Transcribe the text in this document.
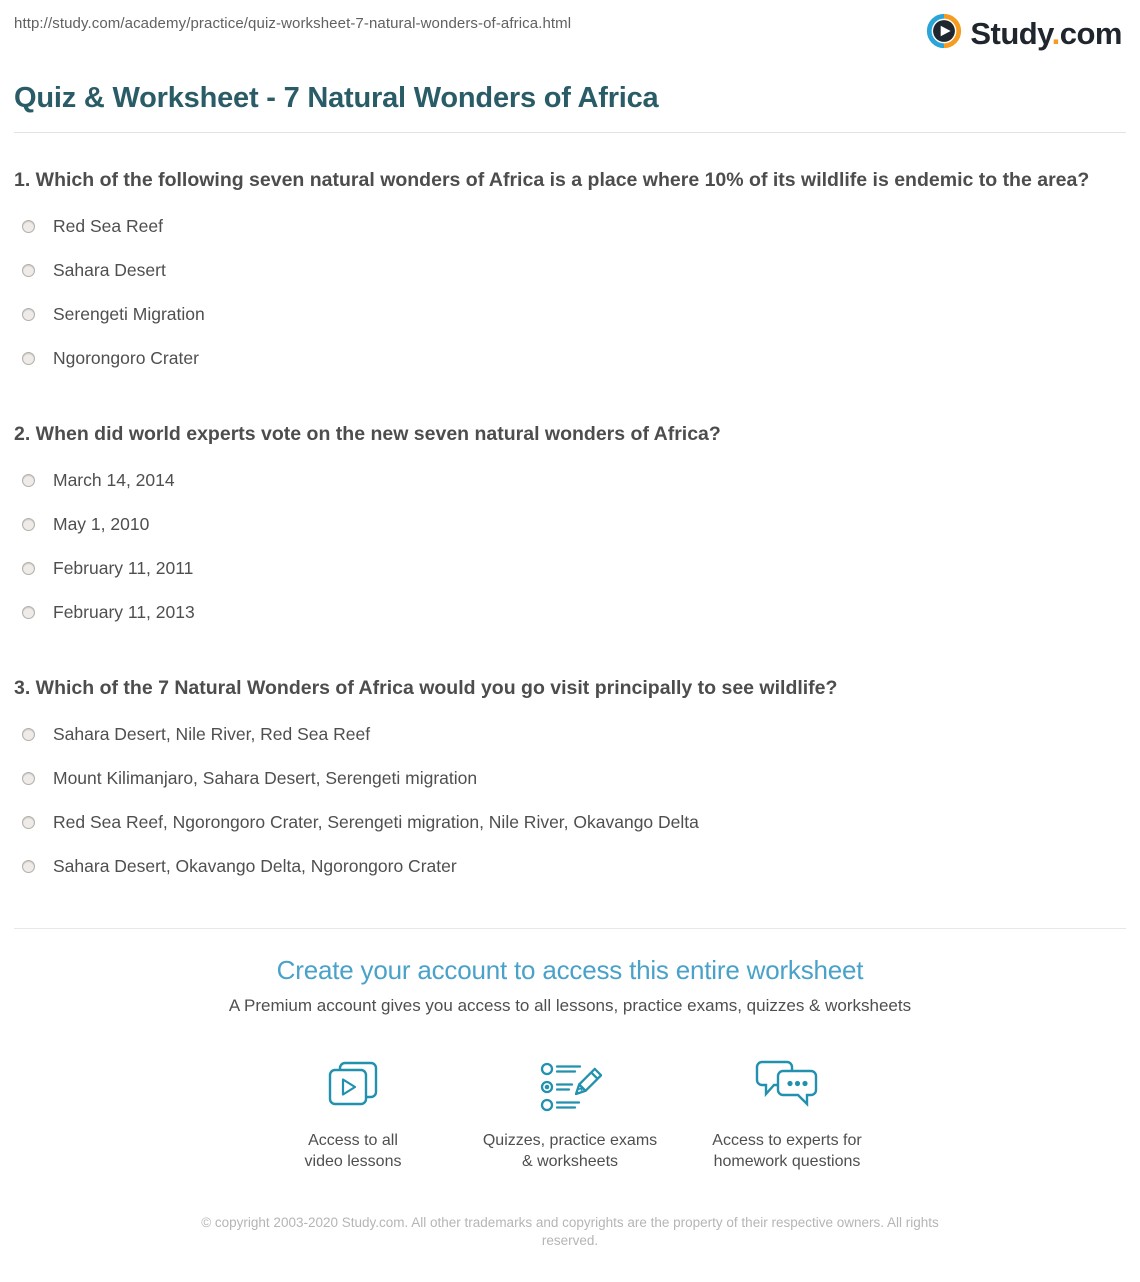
http://study.com/academy/practice/quiz-worksheet-7-natural-wonders-of-africa.html	Study.com
Quiz & Worksheet - 7 Natural Wonders of Africa
1. Which of the following seven natural wonders of Africa is a place where 10% of its wildlife is endemic to the area?
Red Sea Reef
Sahara Desert
Serengeti Migration
Ngorongoro Crater
2. When did world experts vote on the new seven natural wonders of Africa?
March 14, 2014
May 1, 2010
February 11, 2011
February 11, 2013
3. Which of the 7 Natural Wonders of Africa would you go visit principally to see wildlife?
Sahara Desert, Nile River, Red Sea Reef
Mount Kilimanjaro, Sahara Desert, Serengeti migration
Red Sea Reef, Ngorongoro Crater, Serengeti migration, Nile River, Okavango Delta
Sahara Desert, Okavango Delta, Ngorongoro Crater
Create your account to access this entire worksheet
A Premium account gives you access to all lessons, practice exams, quizzes & worksheets
Access to all
video lessons
Quizzes, practice exams
& worksheets
Access to experts for
homework questions
© copyright 2003-2020 Study.com. All other trademarks and copyrights are the property of their respective owners. All rights
reserved.
